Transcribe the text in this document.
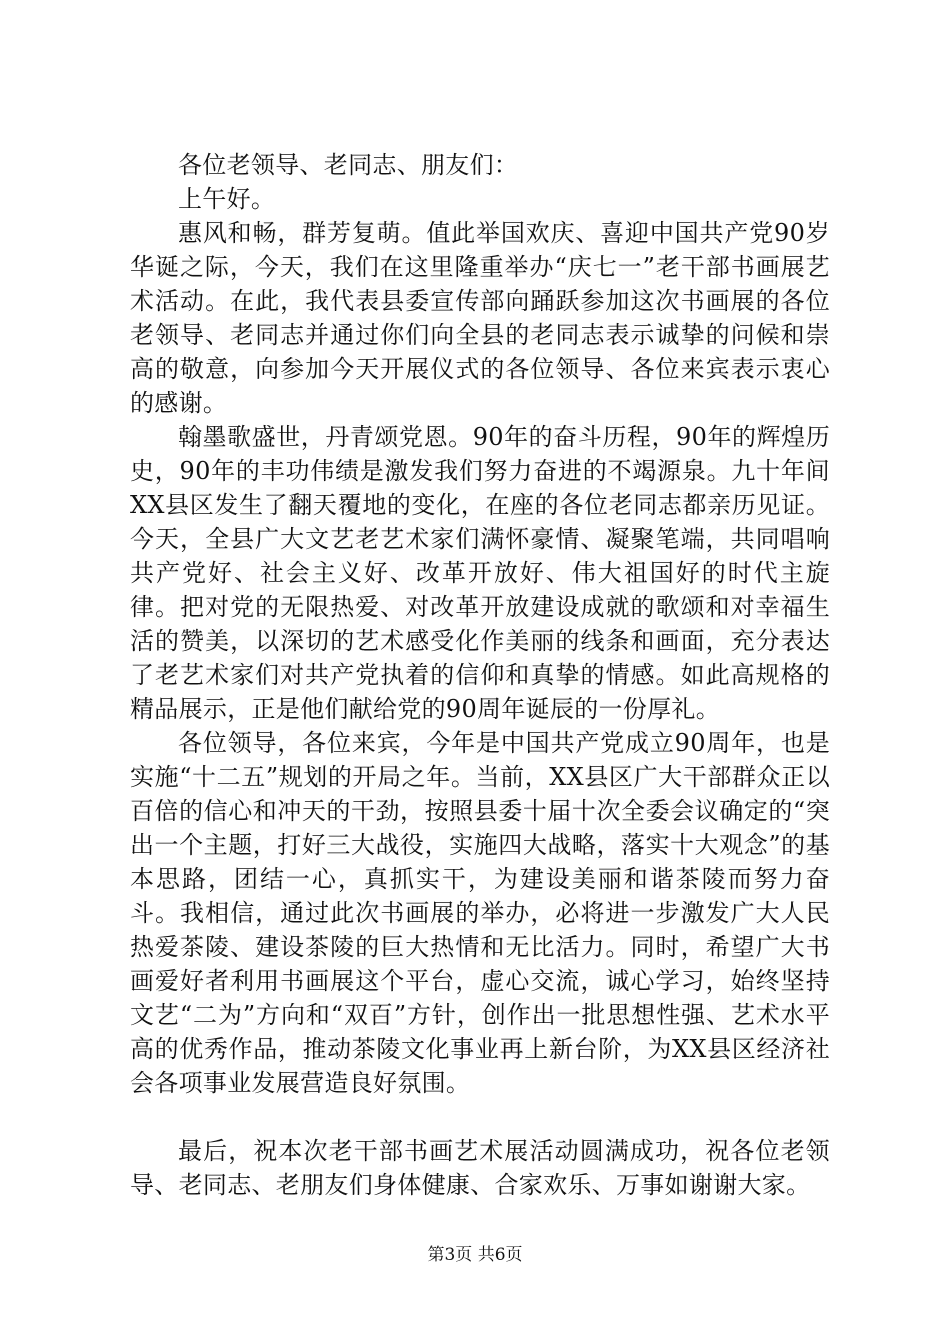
各位老领导、老同志、朋友们：

上午好。

惠风和畅，群芳复萌。值此举国欢庆、喜迎中国共产党90岁华诞之际，今天，我们在这里隆重举办“庆七一”老干部书画展艺术活动。在此，我代表县委宣传部向踊跃参加这次书画展的各位老领导、老同志并通过你们向全县的老同志表示诚挚的问候和崇高的敬意，向参加今天开展仪式的各位领导、各位来宾表示衷心的感谢。

翰墨歌盛世，丹青颂党恩。90年的奋斗历程，90年的辉煌历史，90年的丰功伟绩是激发我们努力奋进的不竭源泉。九十年间XX县区发生了翻天覆地的变化，在座的各位老同志都亲历见证。今天，全县广大文艺老艺术家们满怀豪情、凝聚笔端，共同唱响共产党好、社会主义好、改革开放好、伟大祖国好的时代主旋律。把对党的无限热爱、对改革开放建设成就的歌颂和对幸福生活的赞美，以深切的艺术感受化作美丽的线条和画面，充分表达了老艺术家们对共产党执着的信仰和真挚的情感。如此高规格的精品展示，正是他们献给党的90周年诞辰的一份厚礼。

各位领导，各位来宾，今年是中国共产党成立90周年，也是实施“十二五”规划的开局之年。当前，XX县区广大干部群众正以百倍的信心和冲天的干劲，按照县委十届十次全委会议确定的“突出一个主题，打好三大战役，实施四大战略，落实十大观念”的基本思路，团结一心，真抓实干，为建设美丽和谐茶陵而努力奋斗。我相信，通过此次书画展的举办，必将进一步激发广大人民热爱茶陵、建设茶陵的巨大热情和无比活力。同时，希望广大书画爱好者利用书画展这个平台，虚心交流，诚心学习，始终坚持文艺“二为”方向和“双百”方针，创作出一批思想性强、艺术水平高的优秀作品，推动茶陵文化事业再上新台阶，为XX县区经济社会各项事业发展营造良好氛围。

最后，祝本次老干部书画艺术展活动圆满成功，祝各位老领导、老同志、老朋友们身体健康、合家欢乐、万事如谢谢大家。

第3页 共6页
